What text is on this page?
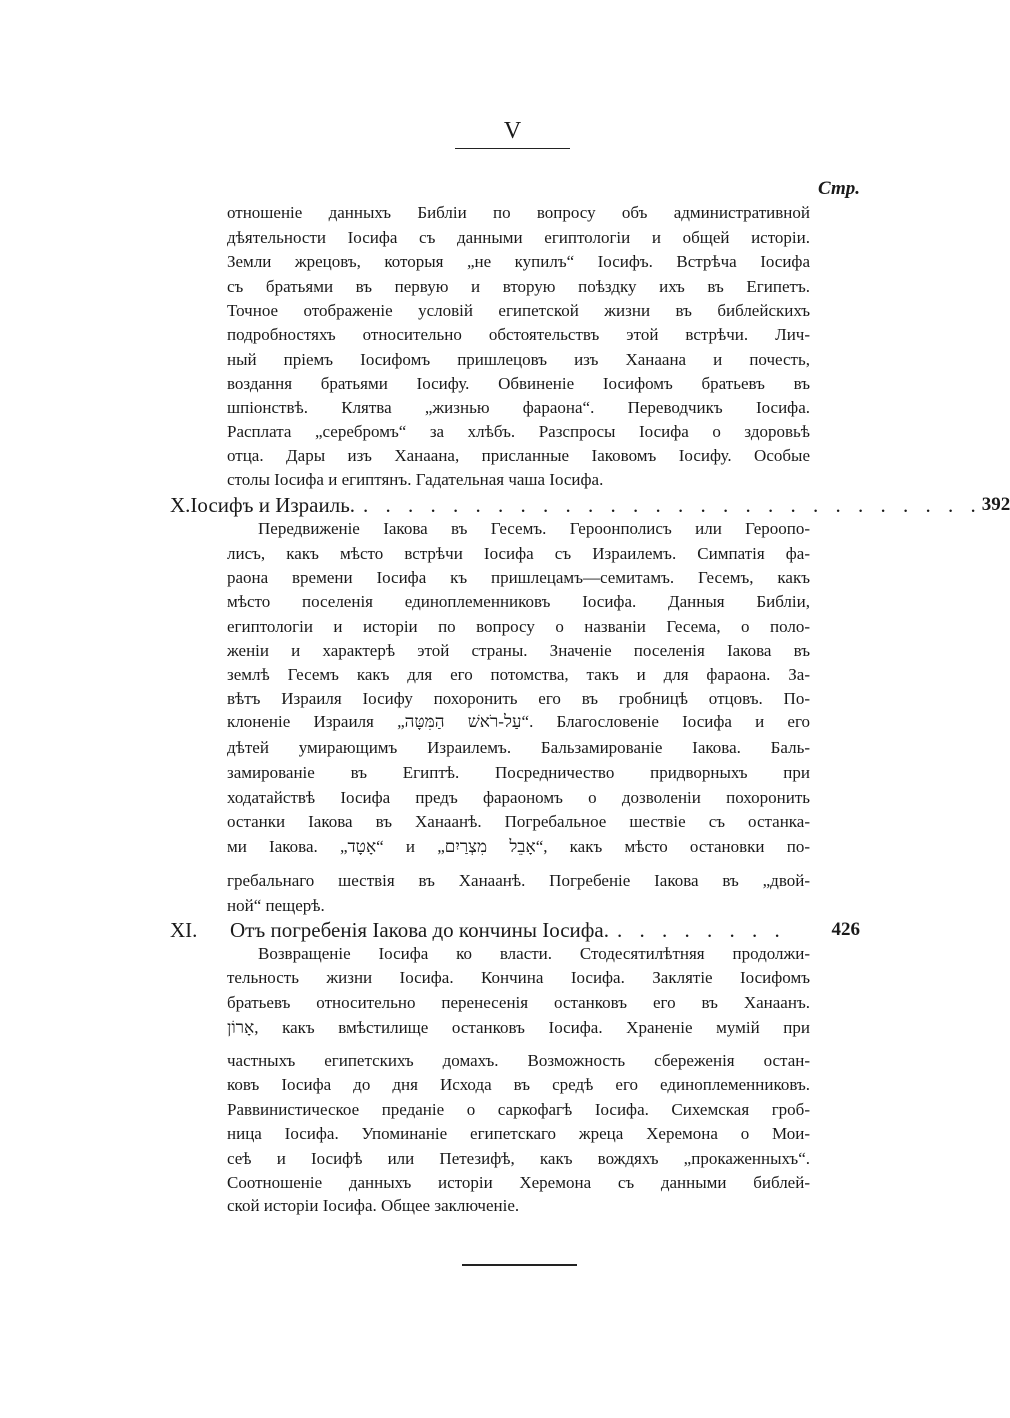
V
Стр.
X. Іосифъ и Израиль. . . . . . . . . . . . . . . . . . . . . . . . . . . . . 392
XI.	Отъ погребенія Іакова до кончины Іосифа. . . . . . . . .	426
отношеніе данныхъ Библіи по вопросу объ административной
дѣятельности Іосифа съ данными египтологіи и общей исторіи.
Земли жрецовъ, которыя „не купилъ“ Іосифъ. Встрѣча Іосифа
съ братьями въ первую и вторую поѣздку ихъ въ Египетъ.
Точное отображеніе условій египетской жизни въ библейскихъ
подробностяхъ относительно обстоятельствъ этой встрѣчи. Лич-
ный пріемъ Іосифомъ пришлецовъ изъ Ханаана и почесть,
воздання братьями Іосифу. Обвиненіе Іосифомъ братьевъ въ
шпіонствѣ. Клятва „жизнью фараона“. Переводчикъ Іосифа.
Расплата „серебромъ“ за хлѣбъ. Разспросы Іосифа о здоровьѣ
отца. Дары изъ Ханаана, присланные Іаковомъ Іосифу. Особые
столы Іосифа и египтянъ. Гадательная чаша Іосифа.
Передвиженіе Іакова въ Гесемъ. Героонполисъ или Героопо-
лисъ, какъ мѣсто встрѣчи Іосифа съ Израилемъ. Симпатія фа-
раона времени Іосифа къ пришлецамъ—семитамъ. Гесемъ, какъ
мѣсто поселенія единоплеменниковъ Іосифа. Данныя Библіи,
египтологіи и исторіи по вопросу о названіи Гесема, о поло-
женіи и характерѣ этой страны. Значеніе поселенія Іакова въ
землѣ Гесемъ какъ для его потомства, такъ и для фараона. За-
вѣтъ Израиля Іосифу похоронить его въ гробницѣ отцовъ. По-
клоненіе Израиля „עַל-רֹאשׁ הַמִּטָּה“. Благословеніе Іосифа и его
дѣтей умирающимъ Израилемъ. Бальзамированіе Іакова. Баль-
замированіе въ Египтѣ. Посредничество придворныхъ при
ходатайствѣ Іосифа предъ фараономъ о дозволеніи похоронить
останки Іакова въ Ханаанѣ. Погребальное шествіе съ останка-
ми Іакова. „אָטָד“ и „אָבֵל מִצְרַיִם“, какъ мѣсто остановки по-
гребальнаго шествія въ Ханаанѣ. Погребеніе Іакова въ „двой-
ной“ пещерѣ.
Возвращеніе Іосифа ко власти. Стодесятилѣтняя продолжи-
тельность жизни Іосифа. Кончина Іосифа. Заклятіе Іосифомъ
братьевъ относительно перенесенія останковъ его въ Ханаанъ.
אָרוֹן, какъ вмѣстилище останковъ Іосифа. Храненіе мумій при
частныхъ египетскихъ домахъ. Возможность сбереженія остан-
ковъ Іосифа до дня Исхода въ средѣ его единоплеменниковъ.
Раввинистическое преданіе о саркофагѣ Іосифа. Сихемская гроб-
ница Іосифа. Упоминаніе египетскаго жреца Херемона о Мои-
сеѣ и Іосифѣ или Петезифѣ, какъ вождяхъ „прокаженныхъ“.
Соотношеніе данныхъ исторіи Херемона съ данными библей-
ской исторіи Іосифа. Общее заключеніе.
